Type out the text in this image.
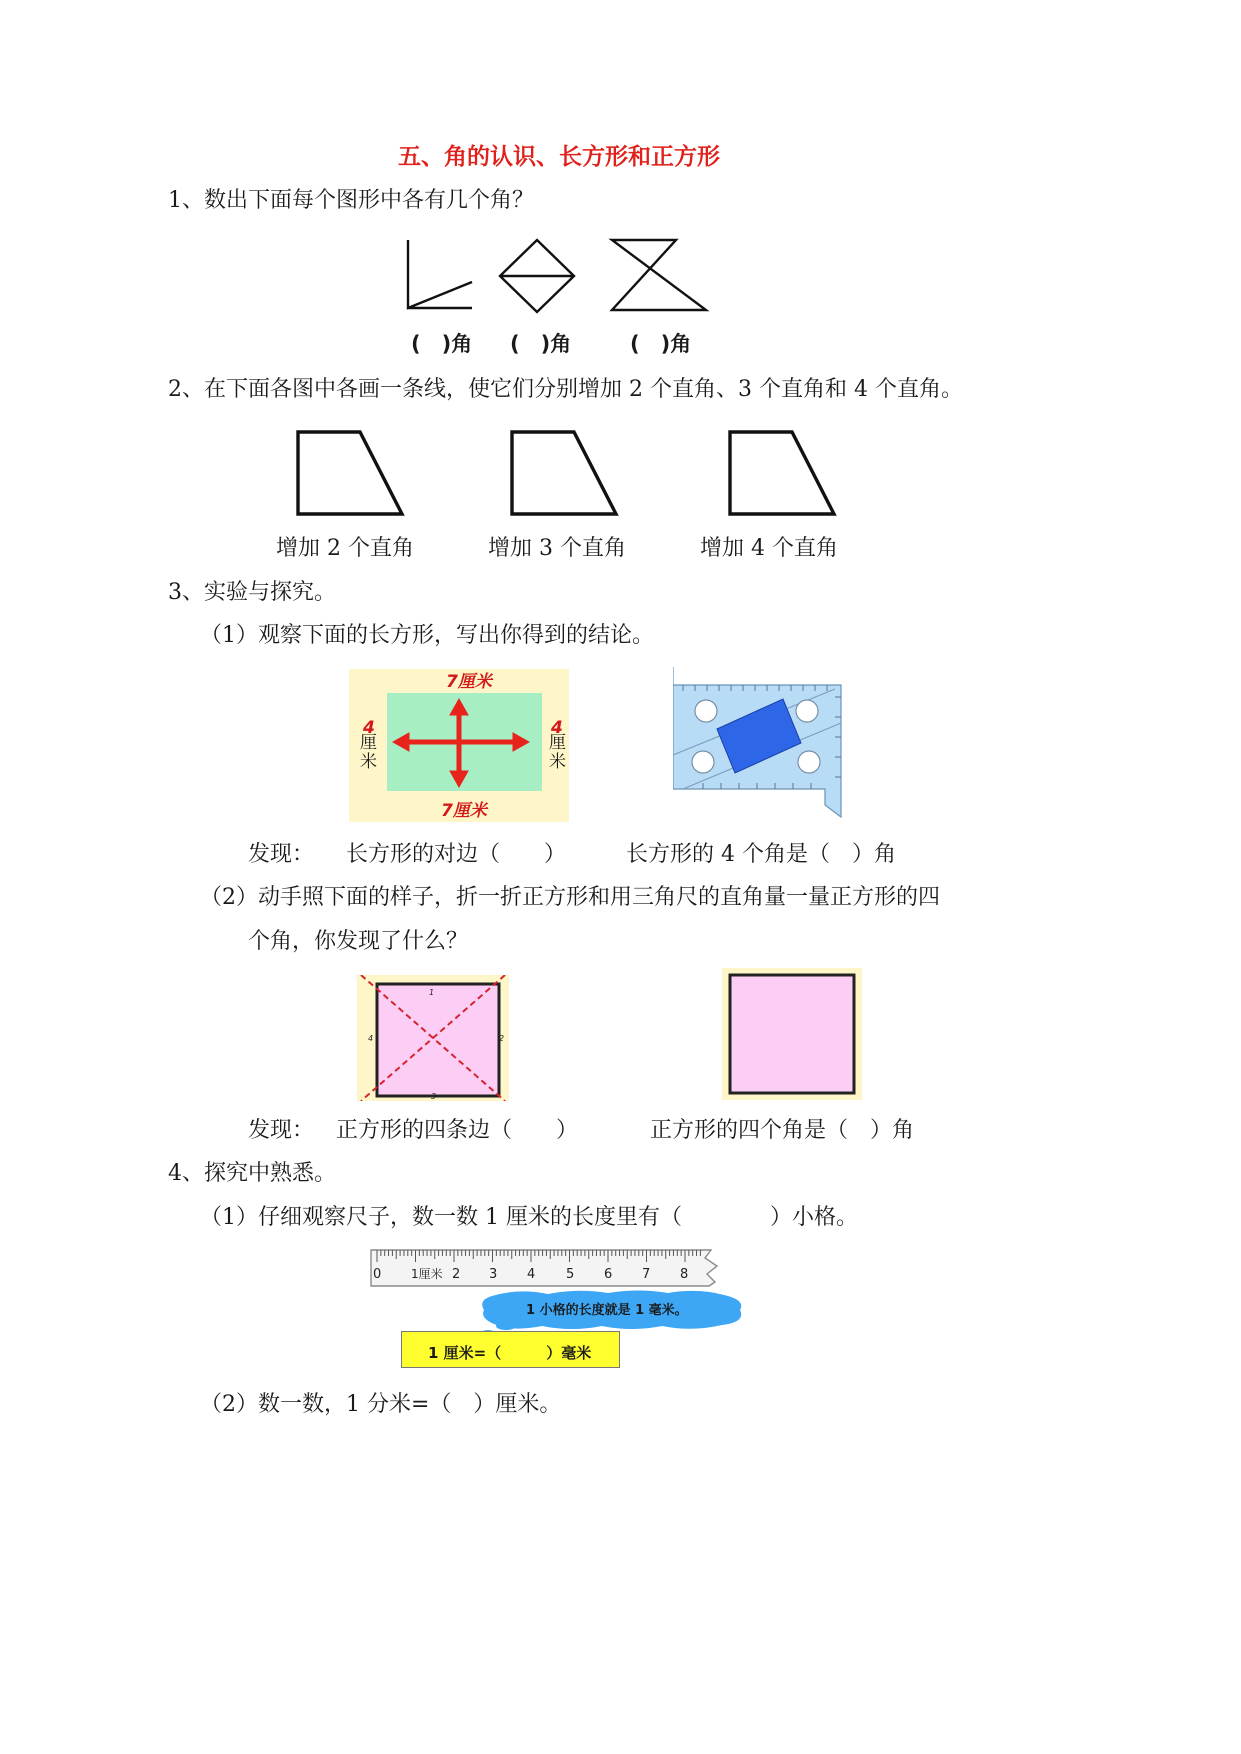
五、角的认识、长方形和正方形
1、数出下面每个图形中各有几个角？
(　)角 (　)角	(　)角
2、在下面各图中各画一条线，使它们分别增加 2 个直角、3 个直角和 4 个直角。
增加 2 个直角	增加 3 个直角	增加 4 个直角
3、实验与探究。
（1）观察下面的长方形，写出你得到的结论。
7厘米
7厘米
4	4
厘米
厘米
发现： 长方形的对边（　　）	长方形的 4 个角是（　）角
（2）动手照下面的样子，折一折正方形和用三角尺的直角量一量正方形的四
个角，你发现了什么？
1
2
3
4
发现： 正方形的四条边（　　）	正方形的四个角是（　）角
4、探究中熟悉。
（1）仔细观察尺子，数一数 1 厘米的长度里有（　　　　）小格。
0 1厘米 2 3 4 5 6 7 8
1 小格的长度就是 1 毫米。
1 厘米=（　　　）毫米
（2）数一数，1 分米=（　）厘米。
